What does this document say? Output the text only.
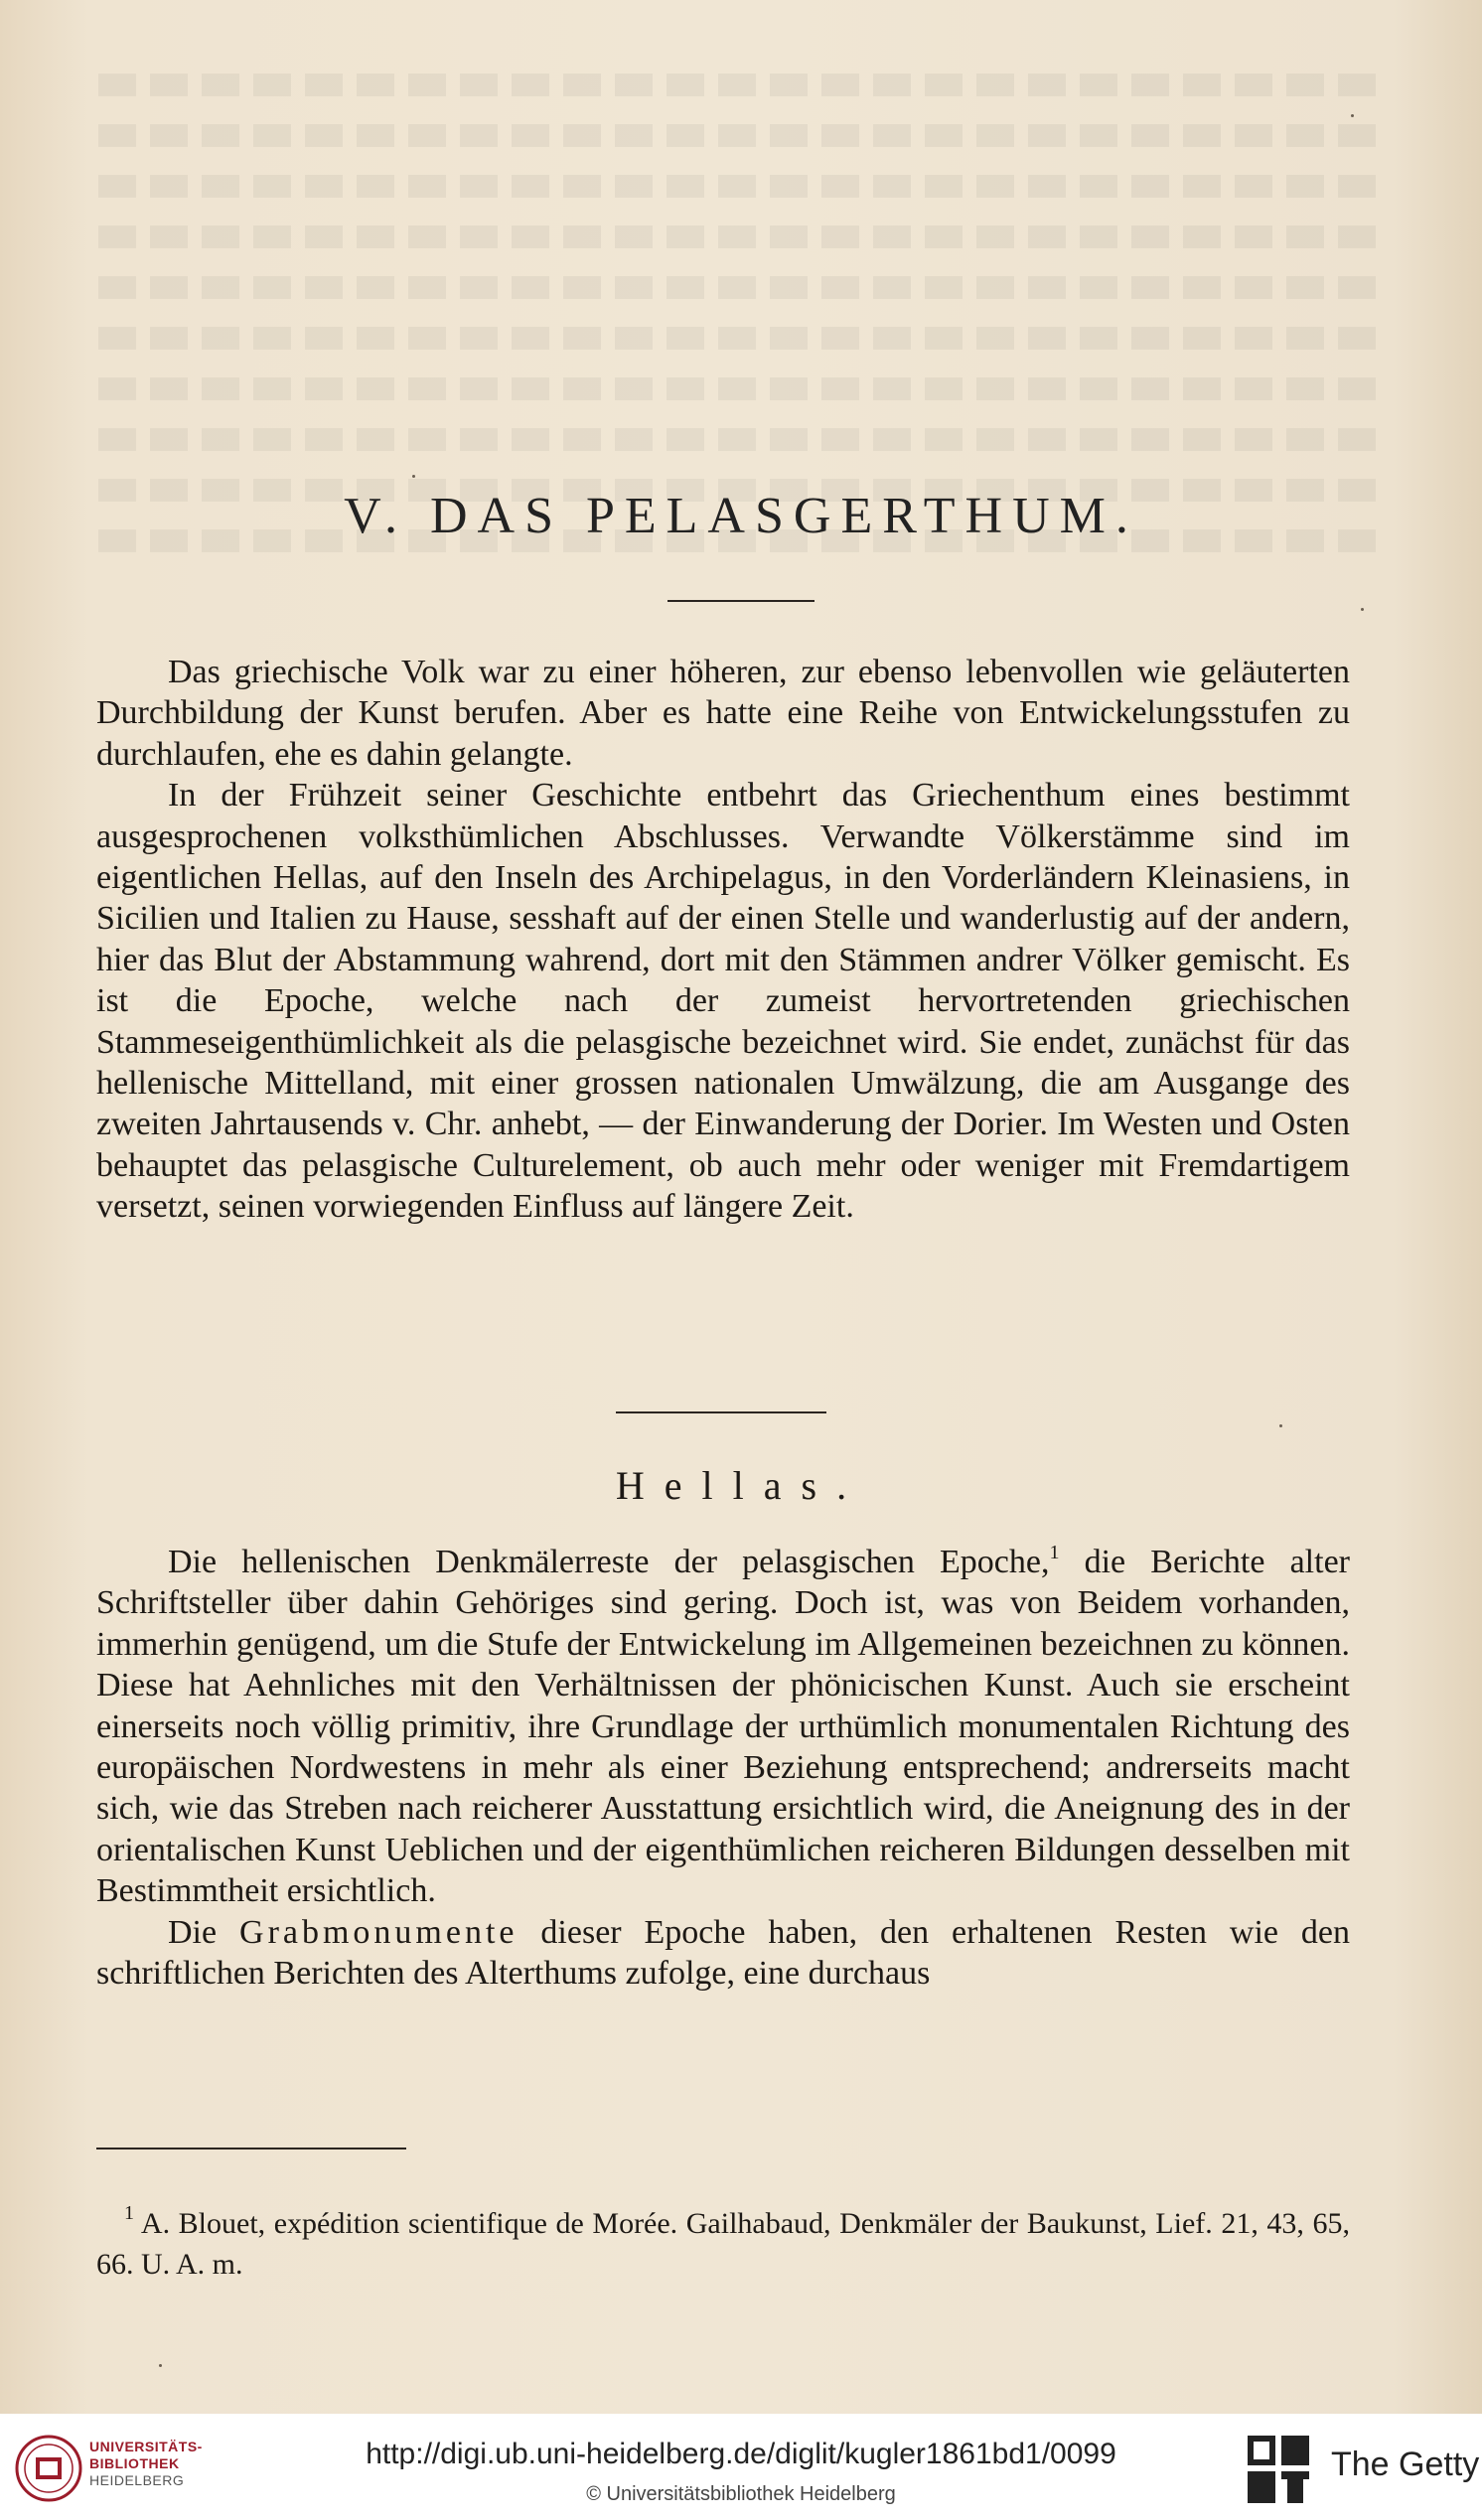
V. DAS PELASGERTHUM.

Das griechische Volk war zu einer höheren, zur ebenso lebenvollen wie geläuterten Durchbildung der Kunst berufen. Aber es hatte eine Reihe von Entwickelungsstufen zu durchlaufen, ehe es dahin gelangte.

In der Frühzeit seiner Geschichte entbehrt das Griechenthum eines bestimmt ausgesprochenen volksthümlichen Abschlusses. Verwandte Völkerstämme sind im eigentlichen Hellas, auf den Inseln des Archipelagus, in den Vorderländern Kleinasiens, in Sicilien und Italien zu Hause, sesshaft auf der einen Stelle und wanderlustig auf der andern, hier das Blut der Abstammung wahrend, dort mit den Stämmen andrer Völker gemischt. Es ist die Epoche, welche nach der zumeist hervortretenden griechischen Stammeseigenthümlichkeit als die pelasgische bezeichnet wird. Sie endet, zunächst für das hellenische Mittelland, mit einer grossen nationalen Umwälzung, die am Ausgange des zweiten Jahrtausends v. Chr. anhebt, — der Einwanderung der Dorier. Im Westen und Osten behauptet das pelasgische Culturelement, ob auch mehr oder weniger mit Fremdartigem versetzt, seinen vorwiegenden Einfluss auf längere Zeit.

Hellas.

Die hellenischen Denkmälerreste der pelasgischen Epoche,$^1$ die Berichte alter Schriftsteller über dahin Gehöriges sind gering. Doch ist, was von Beidem vorhanden, immerhin genügend, um die Stufe der Entwickelung im Allgemeinen bezeichnen zu können. Diese hat Aehnliches mit den Verhältnissen der phönicischen Kunst. Auch sie erscheint einerseits noch völlig primitiv, ihre Grundlage der urthümlich monumentalen Richtung des europäischen Nordwestens in mehr als einer Beziehung entsprechend; andrerseits macht sich, wie das Streben nach reicherer Ausstattung ersichtlich wird, die Aneignung des in der orientalischen Kunst Ueblichen und der eigenthümlichen reicheren Bildungen desselben mit Bestimmtheit ersichtlich.

Die Grabmonumente dieser Epoche haben, den erhaltenen Resten wie den schriftlichen Berichten des Alterthums zufolge, eine durchaus

$^1$ A. Blouet, expédition scientifique de Morée. Gailhabaud, Denkmäler der Baukunst, Lief. 21, 43, 65, 66. U. A. m.

UNIVERSITÄTS-
BIBLIOTHEK
HEIDELBERG
http://digi.ub.uni-heidelberg.de/diglit/kugler1861bd1/0099
© Universitätsbibliothek Heidelberg
The Getty
